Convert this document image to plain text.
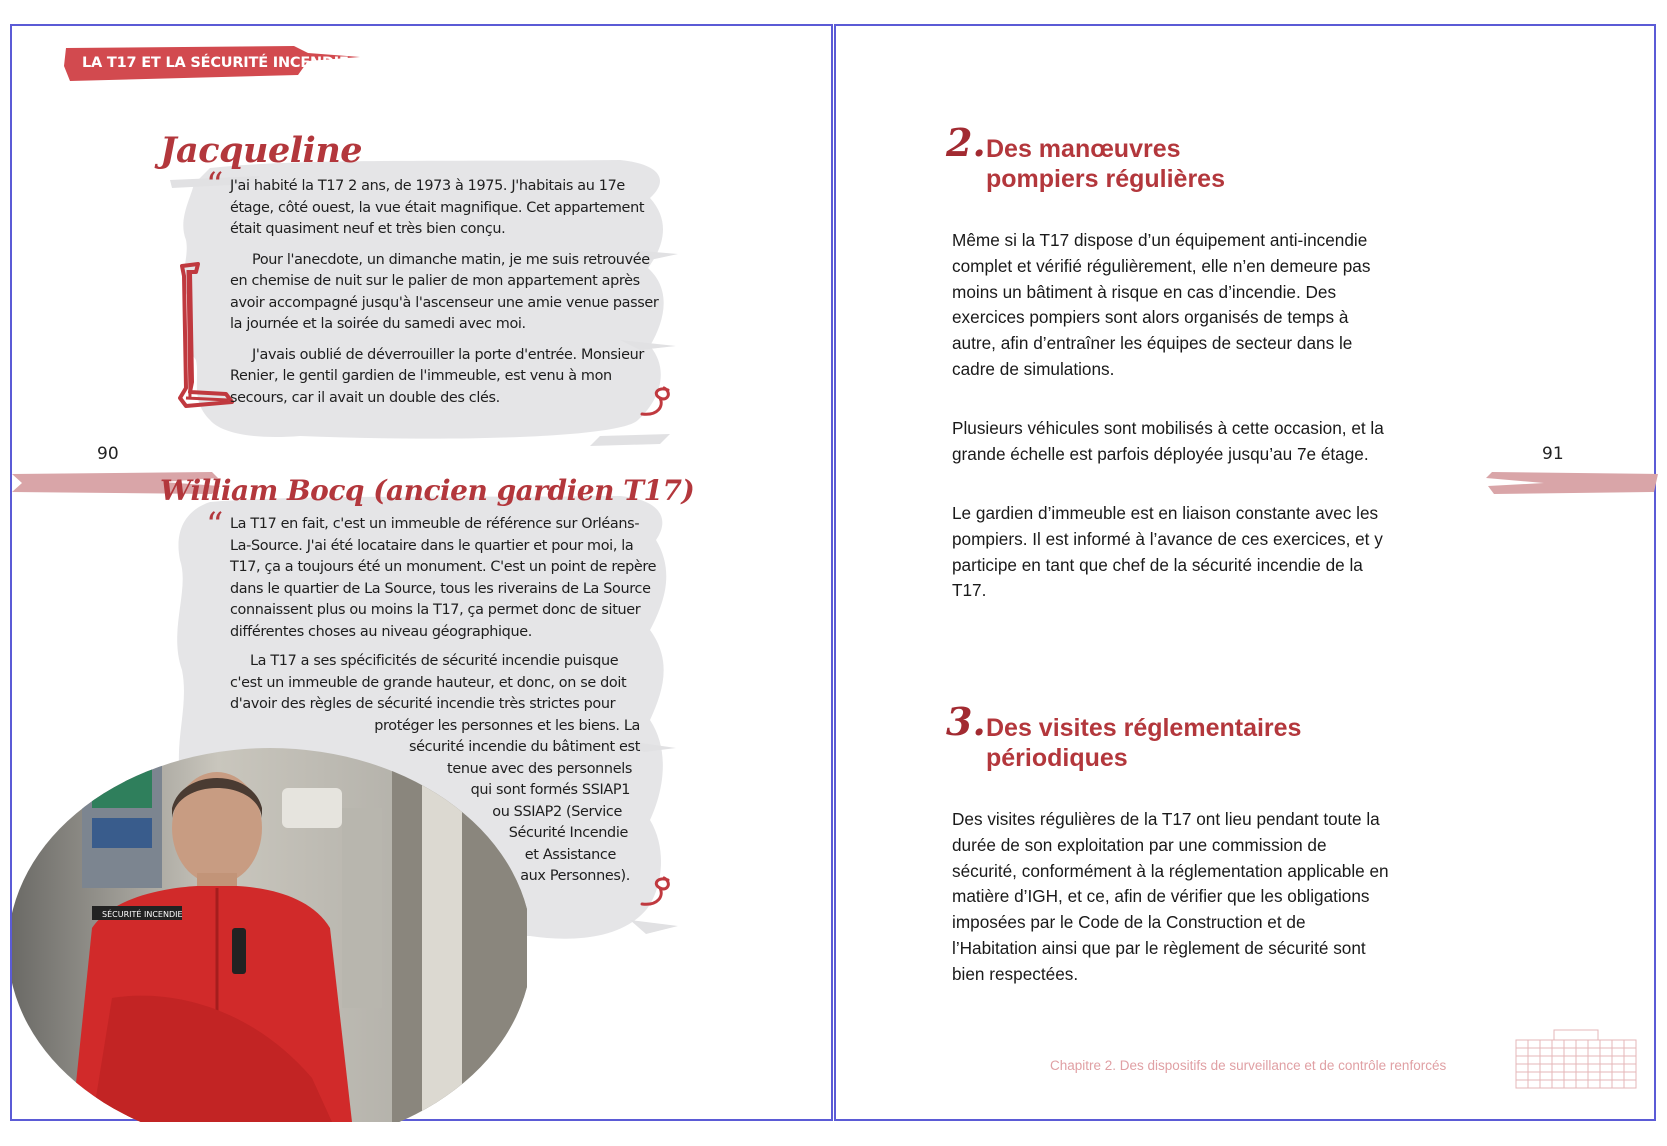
LA T17 ET LA SÉCURITÉ INCENDIE
Jacqueline
“ J'ai habité la T17 2 ans, de 1973 à 1975. J'habitais au 17e étage, côté ouest, la vue était magnifique. Cet appartement était quasiment neuf et très bien conçu.

Pour l'anecdote, un dimanche matin, je me suis retrouvée en chemise de nuit sur le palier de mon appartement après avoir accompagné jusqu'à l'ascenseur une amie venue passer la journée et la soirée du samedi avec moi.

J'avais oublié de déverrouiller la porte d'entrée. Monsieur Renier, le gentil gardien de l'immeuble, est venu à mon secours, car il avait un double des clés.

90
William Bocq (ancien gardien T17)
“ La T17 en fait, c'est un immeuble de référence sur Orléans-La-Source. J'ai été locataire dans le quartier et pour moi, la T17, ça a toujours été un monument. C'est un point de repère dans le quartier de La Source, tous les riverains de La Source connaissent plus ou moins la T17, ça permet donc de situer différentes choses au niveau géographique.

La T17 a ses spécificités de sécurité incendie puisque
c'est un immeuble de grande hauteur, et donc, on se doit
d'avoir des règles de sécurité incendie très strictes pour
protéger les personnes et les biens. La
sécurité incendie du bâtiment est
tenue avec des personnels
qui sont formés SSIAP1
ou SSIAP2 (Service
Sécurité Incendie
et Assistance
aux Personnes).
SÉCURITÉ INCENDIE
91
2. Des manœuvres
pompiers régulières

Même si la T17 dispose d’un équipement anti-incendie complet et vérifié régulièrement, elle n’en demeure pas moins un bâtiment à risque en cas d’incendie. Des exercices pompiers sont alors organisés de temps à autre, afin d’entraîner les équipes de secteur dans le cadre de simulations.

Plusieurs véhicules sont mobilisés à cette occasion, et la grande échelle est parfois déployée jusqu’au 7e étage.

Le gardien d’immeuble est en liaison constante avec les pompiers. Il est informé à l’avance de ces exercices, et y participe en tant que chef de la sécurité incendie de la T17.

3. Des visites réglementaires
périodiques

Des visites régulières de la T17 ont lieu pendant toute la durée de son exploitation par une commission de sécurité, conformément à la réglementation applicable en matière d’IGH, et ce, afin de vérifier que les obligations imposées par le Code de la Construction et de l’Habitation ainsi que par le règlement de sécurité sont bien respectées.

Chapitre 2. Des dispositifs de surveillance et de contrôle renforcés
